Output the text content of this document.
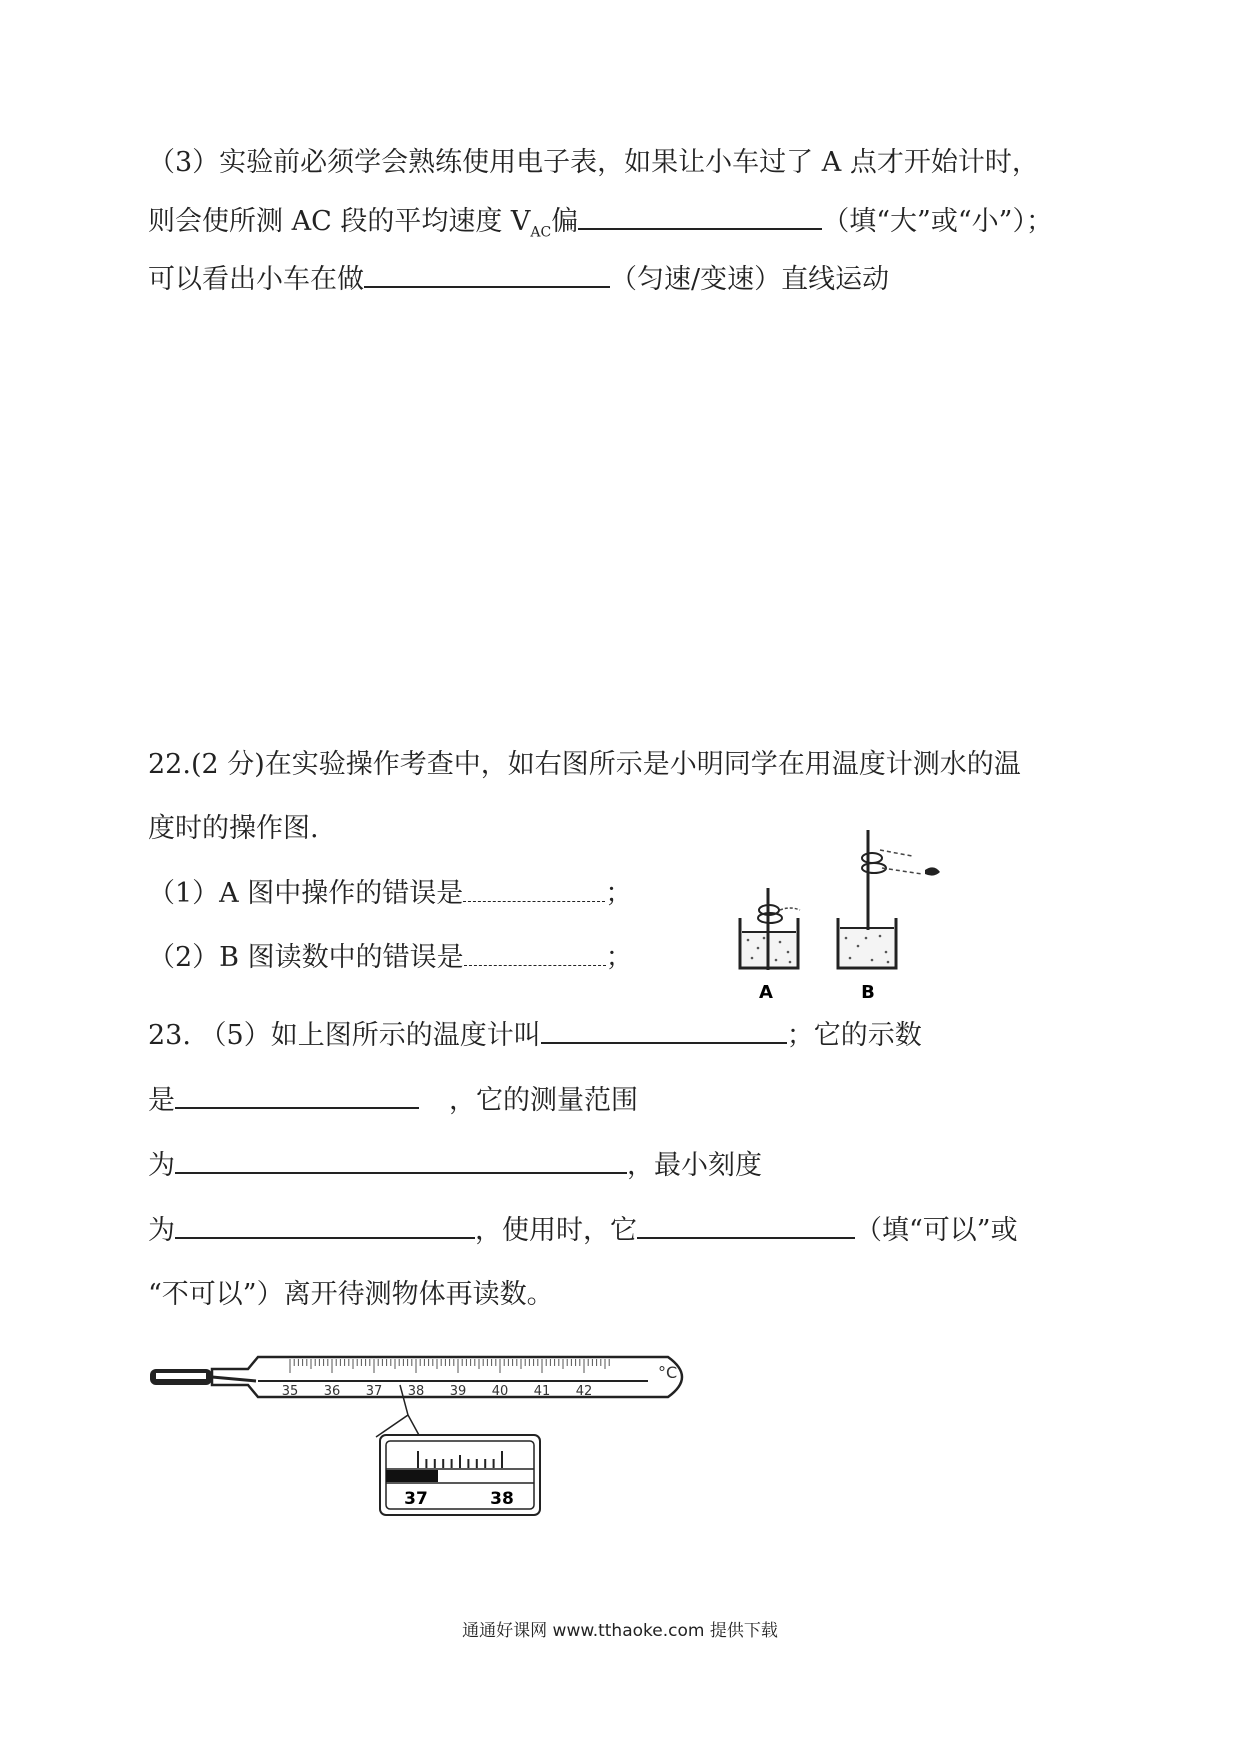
（3）实验前必须学会熟练使用电子表，如果让小车过了 A 点才开始计时，
则会使所测 AC 段的平均速度 $V_{AC}$偏	（填“大”或“小”）；
可以看出小车在做	（匀速/变速）直线运动
22.(2 分)在实验操作考查中，如右图所示是小明同学在用温度计测水的温
度时的操作图.
（1）A 图中操作的错误是	；
（2）B 图读数中的错误是	；
A	B
23. （5）如上图所示的温度计叫	；它的示数
是	，它的测量范围
为	，最小刻度
为	，使用时，它	（填“可以”或
“不可以”）离开待测物体再读数。
35 36 37 38 39 40 41 42
°C
37	38
通通好课网 www.tthaoke.com 提供下载
